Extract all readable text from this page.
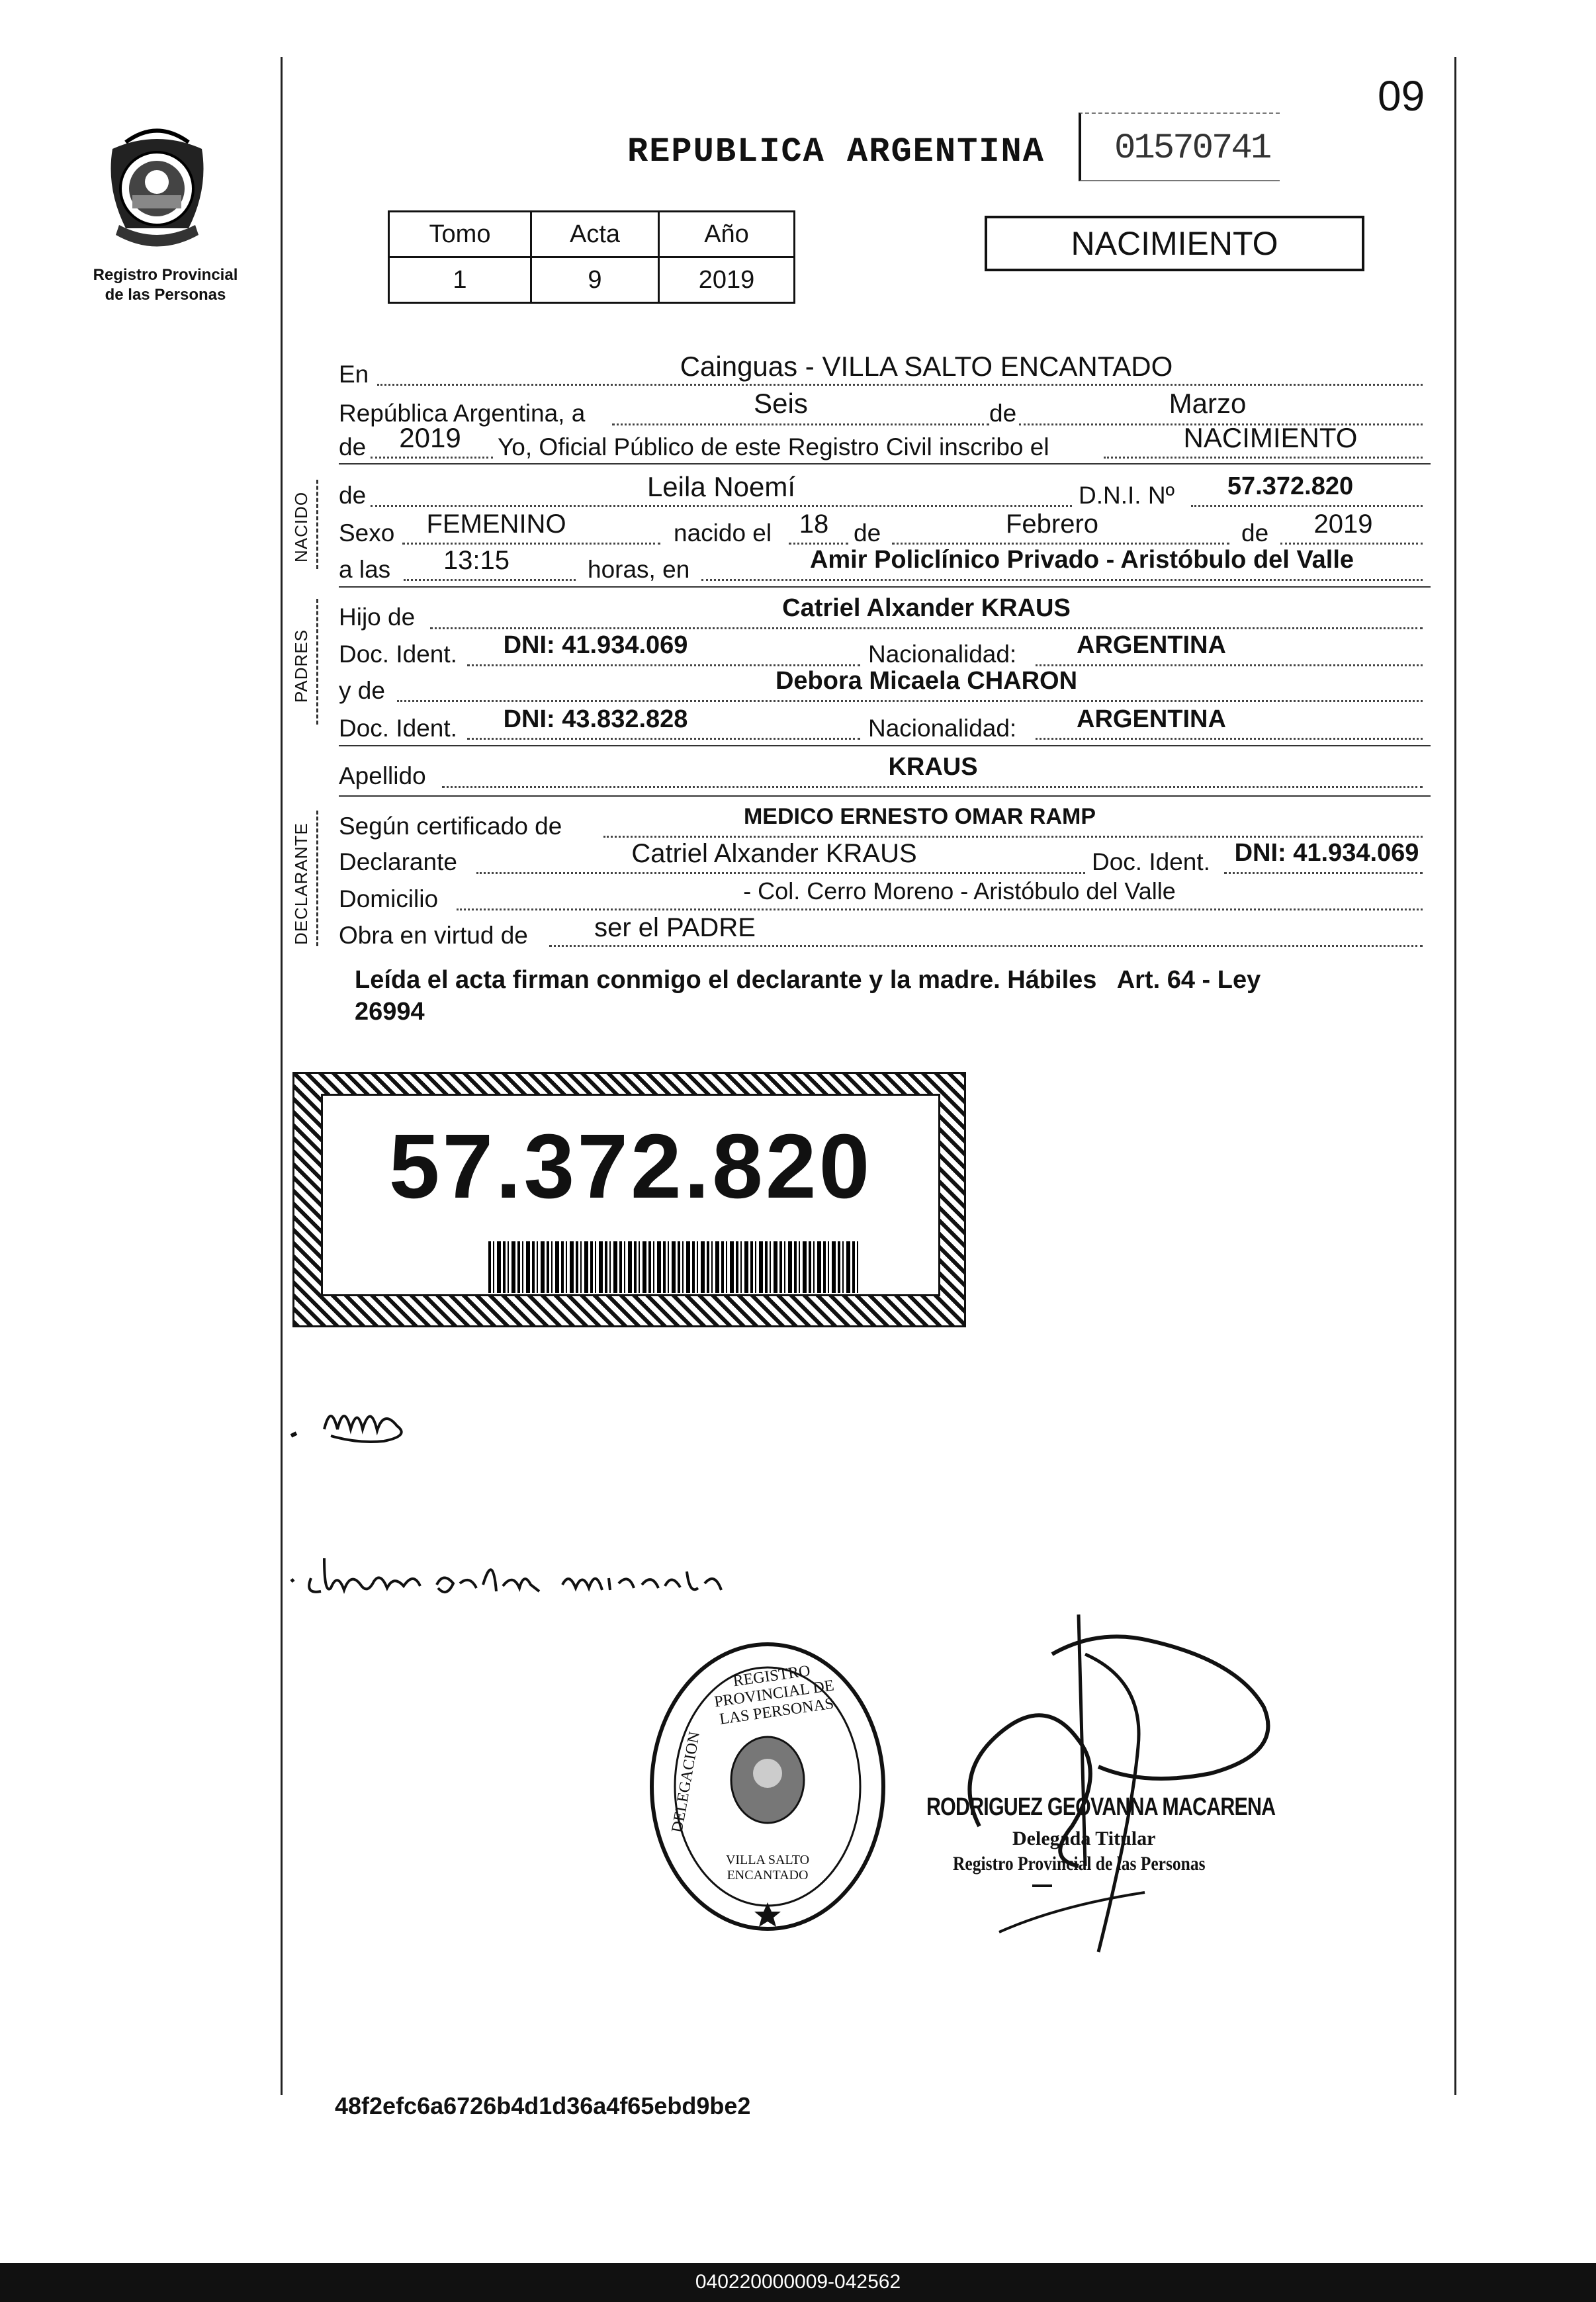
09
Registro Provincial
de las Personas
REPUBLICA ARGENTINA 01570741
NACIMIENTO
Tomo	Acta	Año
1	9	2019
En	Cainguas - VILLA SALTO ENCANTADO
República Argentina, a	Seis	de	Marzo
de	2019	Yo, Oficial Público de este Registro Civil inscribo el	NACIMIENTO
NACIDO de	Leila Noemí	D.N.I. Nº	57.372.820
Sexo	FEMENINO	nacido el 18 de	Febrero	de	2019
a las	13:15	horas, en	Amir Policlínico Privado - Aristóbulo del Valle
PADRES
Hijo de	Catriel Alxander KRAUS
Doc. Ident.	DNI: 41.934.069	Nacionalidad:	ARGENTINA
y de	Debora Micaela CHARON
Doc. Ident.	DNI: 43.832.828	Nacionalidad:	ARGENTINA
Apellido	KRAUS
DECLARANTE Según certificado de	MEDICO ERNESTO OMAR RAMP
Declarante	Catriel Alxander KRAUS	Doc. Ident. DNI: 41.934.069
Domicilio	- Col. Cerro Moreno - Aristóbulo del Valle
Obra en virtud de	ser el PADRE
Leída el acta firman conmigo el declarante y la madre. Hábiles   Art. 64 - Ley
26994
57.372.820
REGISTRO PROVINCIAL DE LAS PERSONAS
DELEGACION
VILLA SALTO ENCANTADO
RODRIGUEZ GEOVANNA MACARENA
Delegada Titular
Registro Provincial de las Personas
48f2efc6a6726b4d1d36a4f65ebd9be2
040220000009-042562
